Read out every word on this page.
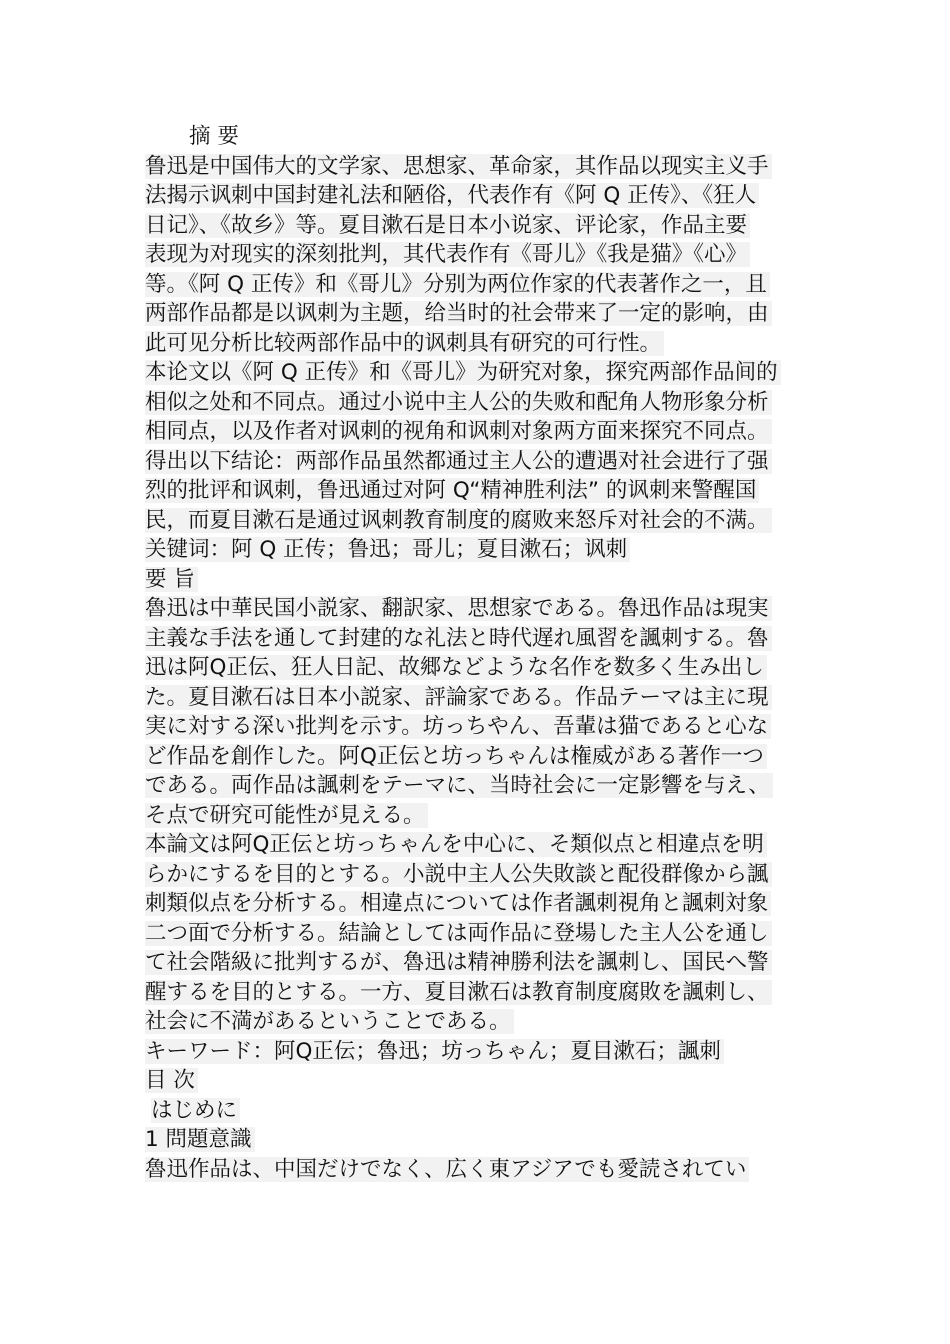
摘 要
鲁迅是中国伟大的文学家、思想家、革命家，其作品以现实主义手
法揭示讽刺中国封建礼法和陋俗，代表作有《阿 Q 正传》、《狂人
日记》、《故乡》等。夏目漱石是日本小说家、评论家，作品主要
表现为对现实的深刻批判，其代表作有《哥儿》《我是猫》《心》
等。《阿 Q 正传》和《哥儿》分别为两位作家的代表著作之一，且
两部作品都是以讽刺为主题，给当时的社会带来了一定的影响，由
此可见分析比较两部作品中的讽刺具有研究的可行性。
本论文以《阿 Q 正传》和《哥儿》为研究对象，探究两部作品间的
相似之处和不同点。通过小说中主人公的失败和配角人物形象分析
相同点，以及作者对讽刺的视角和讽刺对象两方面来探究不同点。
得出以下结论：两部作品虽然都通过主人公的遭遇对社会进行了强
烈的批评和讽刺，鲁迅通过对阿 Q“精神胜利法” 的讽刺来警醒国
民，而夏目漱石是通过讽刺教育制度的腐败来怒斥对社会的不满。
关键词：阿 Q 正传；鲁迅；哥儿；夏目漱石；讽刺
要 旨
魯迅は中華民国小説家、翻訳家、思想家である。魯迅作品は現実
主義な手法を通して封建的な礼法と時代遅れ風習を諷刺する。魯
迅は阿Q正伝、狂人日記、故郷などような名作を数多く生み出し
た。夏目漱石は日本小説家、評論家である。作品テーマは主に現
実に対する深い批判を示す。坊っちやん、吾輩は猫であると心な
ど作品を創作した。阿Q正伝と坊っちゃんは権威がある著作一つ
である。両作品は諷刺をテーマに、当時社会に一定影響を与え、
そ点で研究可能性が見える。
本論文は阿Q正伝と坊っちゃんを中心に、そ類似点と相違点を明
らかにするを目的とする。小説中主人公失敗談と配役群像から諷
刺類似点を分析する。相違点については作者諷刺視角と諷刺対象
二つ面で分析する。結論としては両作品に登場した主人公を通し
て社会階級に批判するが、魯迅は精神勝利法を諷刺し、国民へ警
醒するを目的とする。一方、夏目漱石は教育制度腐敗を諷刺し、
社会に不満があるということである。
キーワード：阿Q正伝；魯迅；坊っちゃん；夏目漱石；諷刺
目 次
はじめに
1 問題意識
魯迅作品は、中国だけでなく、広く東アジアでも愛読されてい
